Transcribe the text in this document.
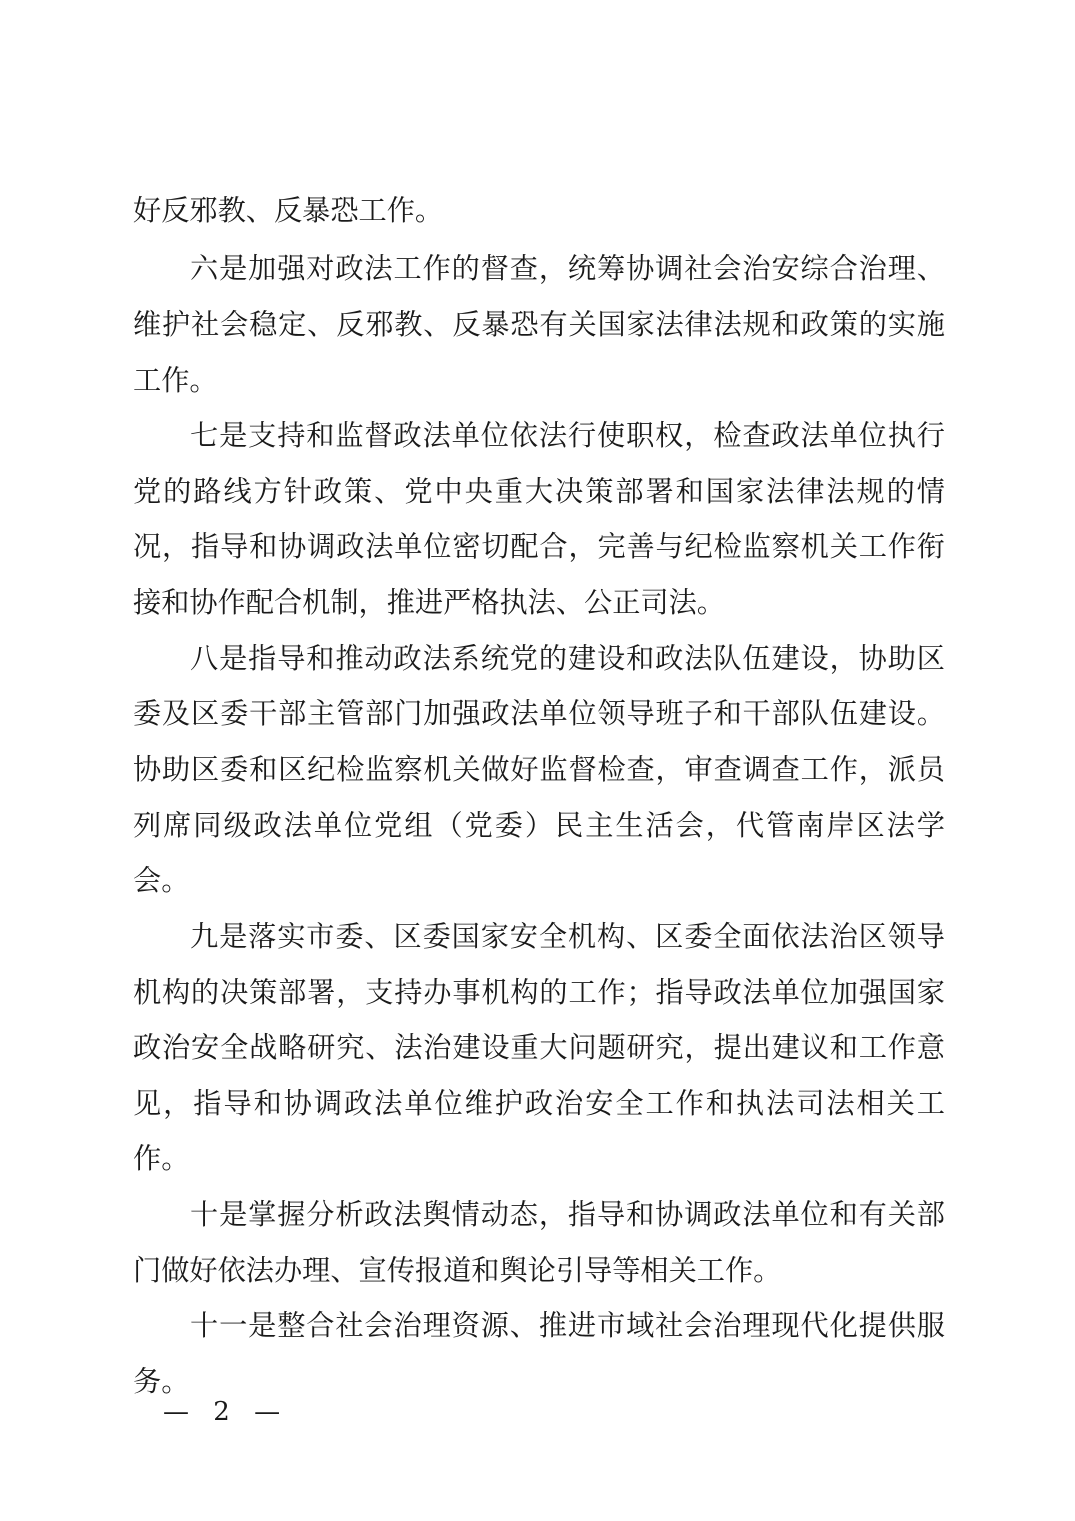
好反邪教、反暴恐工作。
六是加强对政法工作的督查，统筹协调社会治安综合治理、
维护社会稳定、反邪教、反暴恐有关国家法律法规和政策的实施
工作。
七是支持和监督政法单位依法行使职权，检查政法单位执行
党的路线方针政策、党中央重大决策部署和国家法律法规的情
况，指导和协调政法单位密切配合，完善与纪检监察机关工作衔
接和协作配合机制，推进严格执法、公正司法。
八是指导和推动政法系统党的建设和政法队伍建设，协助区
委及区委干部主管部门加强政法单位领导班子和干部队伍建设。
协助区委和区纪检监察机关做好监督检查，审查调查工作，派员
列席同级政法单位党组（党委）民主生活会，代管南岸区法学
会。
九是落实市委、区委国家安全机构、区委全面依法治区领导
机构的决策部署，支持办事机构的工作；指导政法单位加强国家
政治安全战略研究、法治建设重大问题研究，提出建议和工作意
见，指导和协调政法单位维护政治安全工作和执法司法相关工
作。
十是掌握分析政法舆情动态，指导和协调政法单位和有关部
门做好依法办理、宣传报道和舆论引导等相关工作。
十一是整合社会治理资源、推进市域社会治理现代化提供服
务。
— 2 —
